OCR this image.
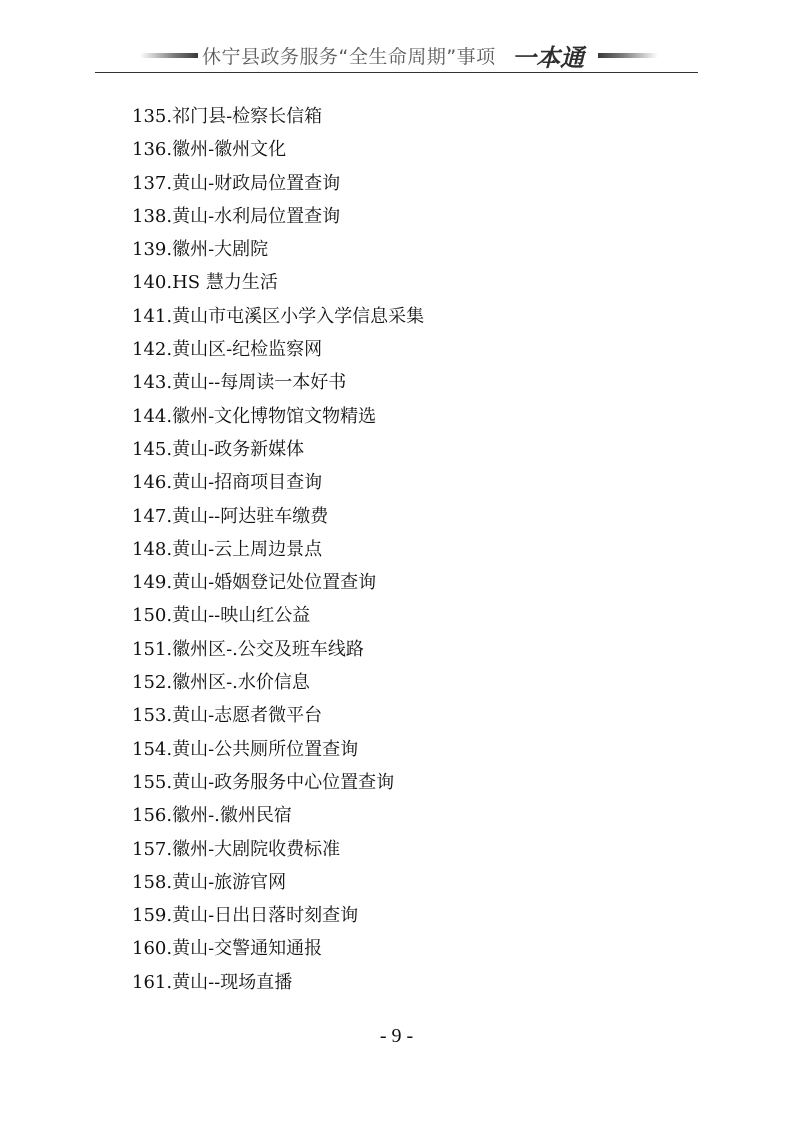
休宁县政务服务“全生命周期”事项 一本通
135.祁门县-检察长信箱
136.徽州-徽州文化
137.黄山-财政局位置查询
138.黄山-水利局位置查询
139.徽州-大剧院
140.HS 慧力生活
141.黄山市屯溪区小学入学信息采集
142.黄山区-纪检监察网
143.黄山--每周读一本好书
144.徽州-文化博物馆文物精选
145.黄山-政务新媒体
146.黄山-招商项目查询
147.黄山--阿达驻车缴费
148.黄山-云上周边景点
149.黄山-婚姻登记处位置查询
150.黄山--映山红公益
151.徽州区-.公交及班车线路
152.徽州区-.水价信息
153.黄山-志愿者微平台
154.黄山-公共厕所位置查询
155.黄山-政务服务中心位置查询
156.徽州-.徽州民宿
157.徽州-大剧院收费标准
158.黄山-旅游官网
159.黄山-日出日落时刻查询
160.黄山-交警通知通报
161.黄山--现场直播
- 9 -
